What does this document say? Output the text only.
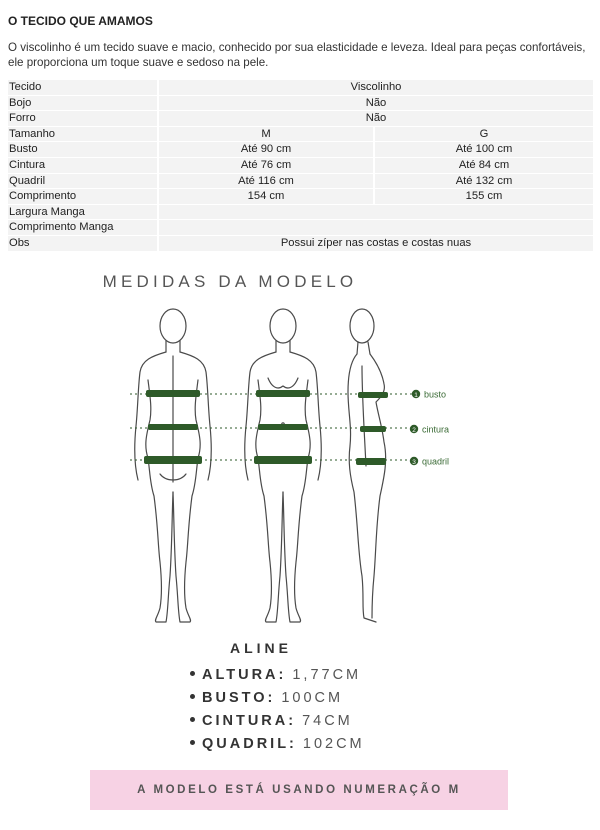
O TECIDO QUE AMAMOS
O viscolinho é um tecido suave e macio, conhecido por sua elasticidade e leveza. Ideal para peças confortáveis, ele proporciona um toque suave e sedoso na pele.
Tecido	Viscolinho	
Bojo	Não	
Forro	Não	
Tamanho	M	G
Busto	Até 90 cm	Até 100 cm
Cintura	Até 76 cm	Até 84 cm
Quadril	Até 116 cm	Até 132 cm
Comprimento	154 cm	155 cm
Largura Manga		
Comprimento Manga		
Obs	Possui zíper nas costas e costas nuas	
MEDIDAS DA MODELO
1 busto
2 cintura
3 quadril
ALINE
ALTURA: 1,77CM
BUSTO: 100CM
CINTURA: 74CM
QUADRIL: 102CM
A MODELO ESTÁ USANDO NUMERAÇÃO M
